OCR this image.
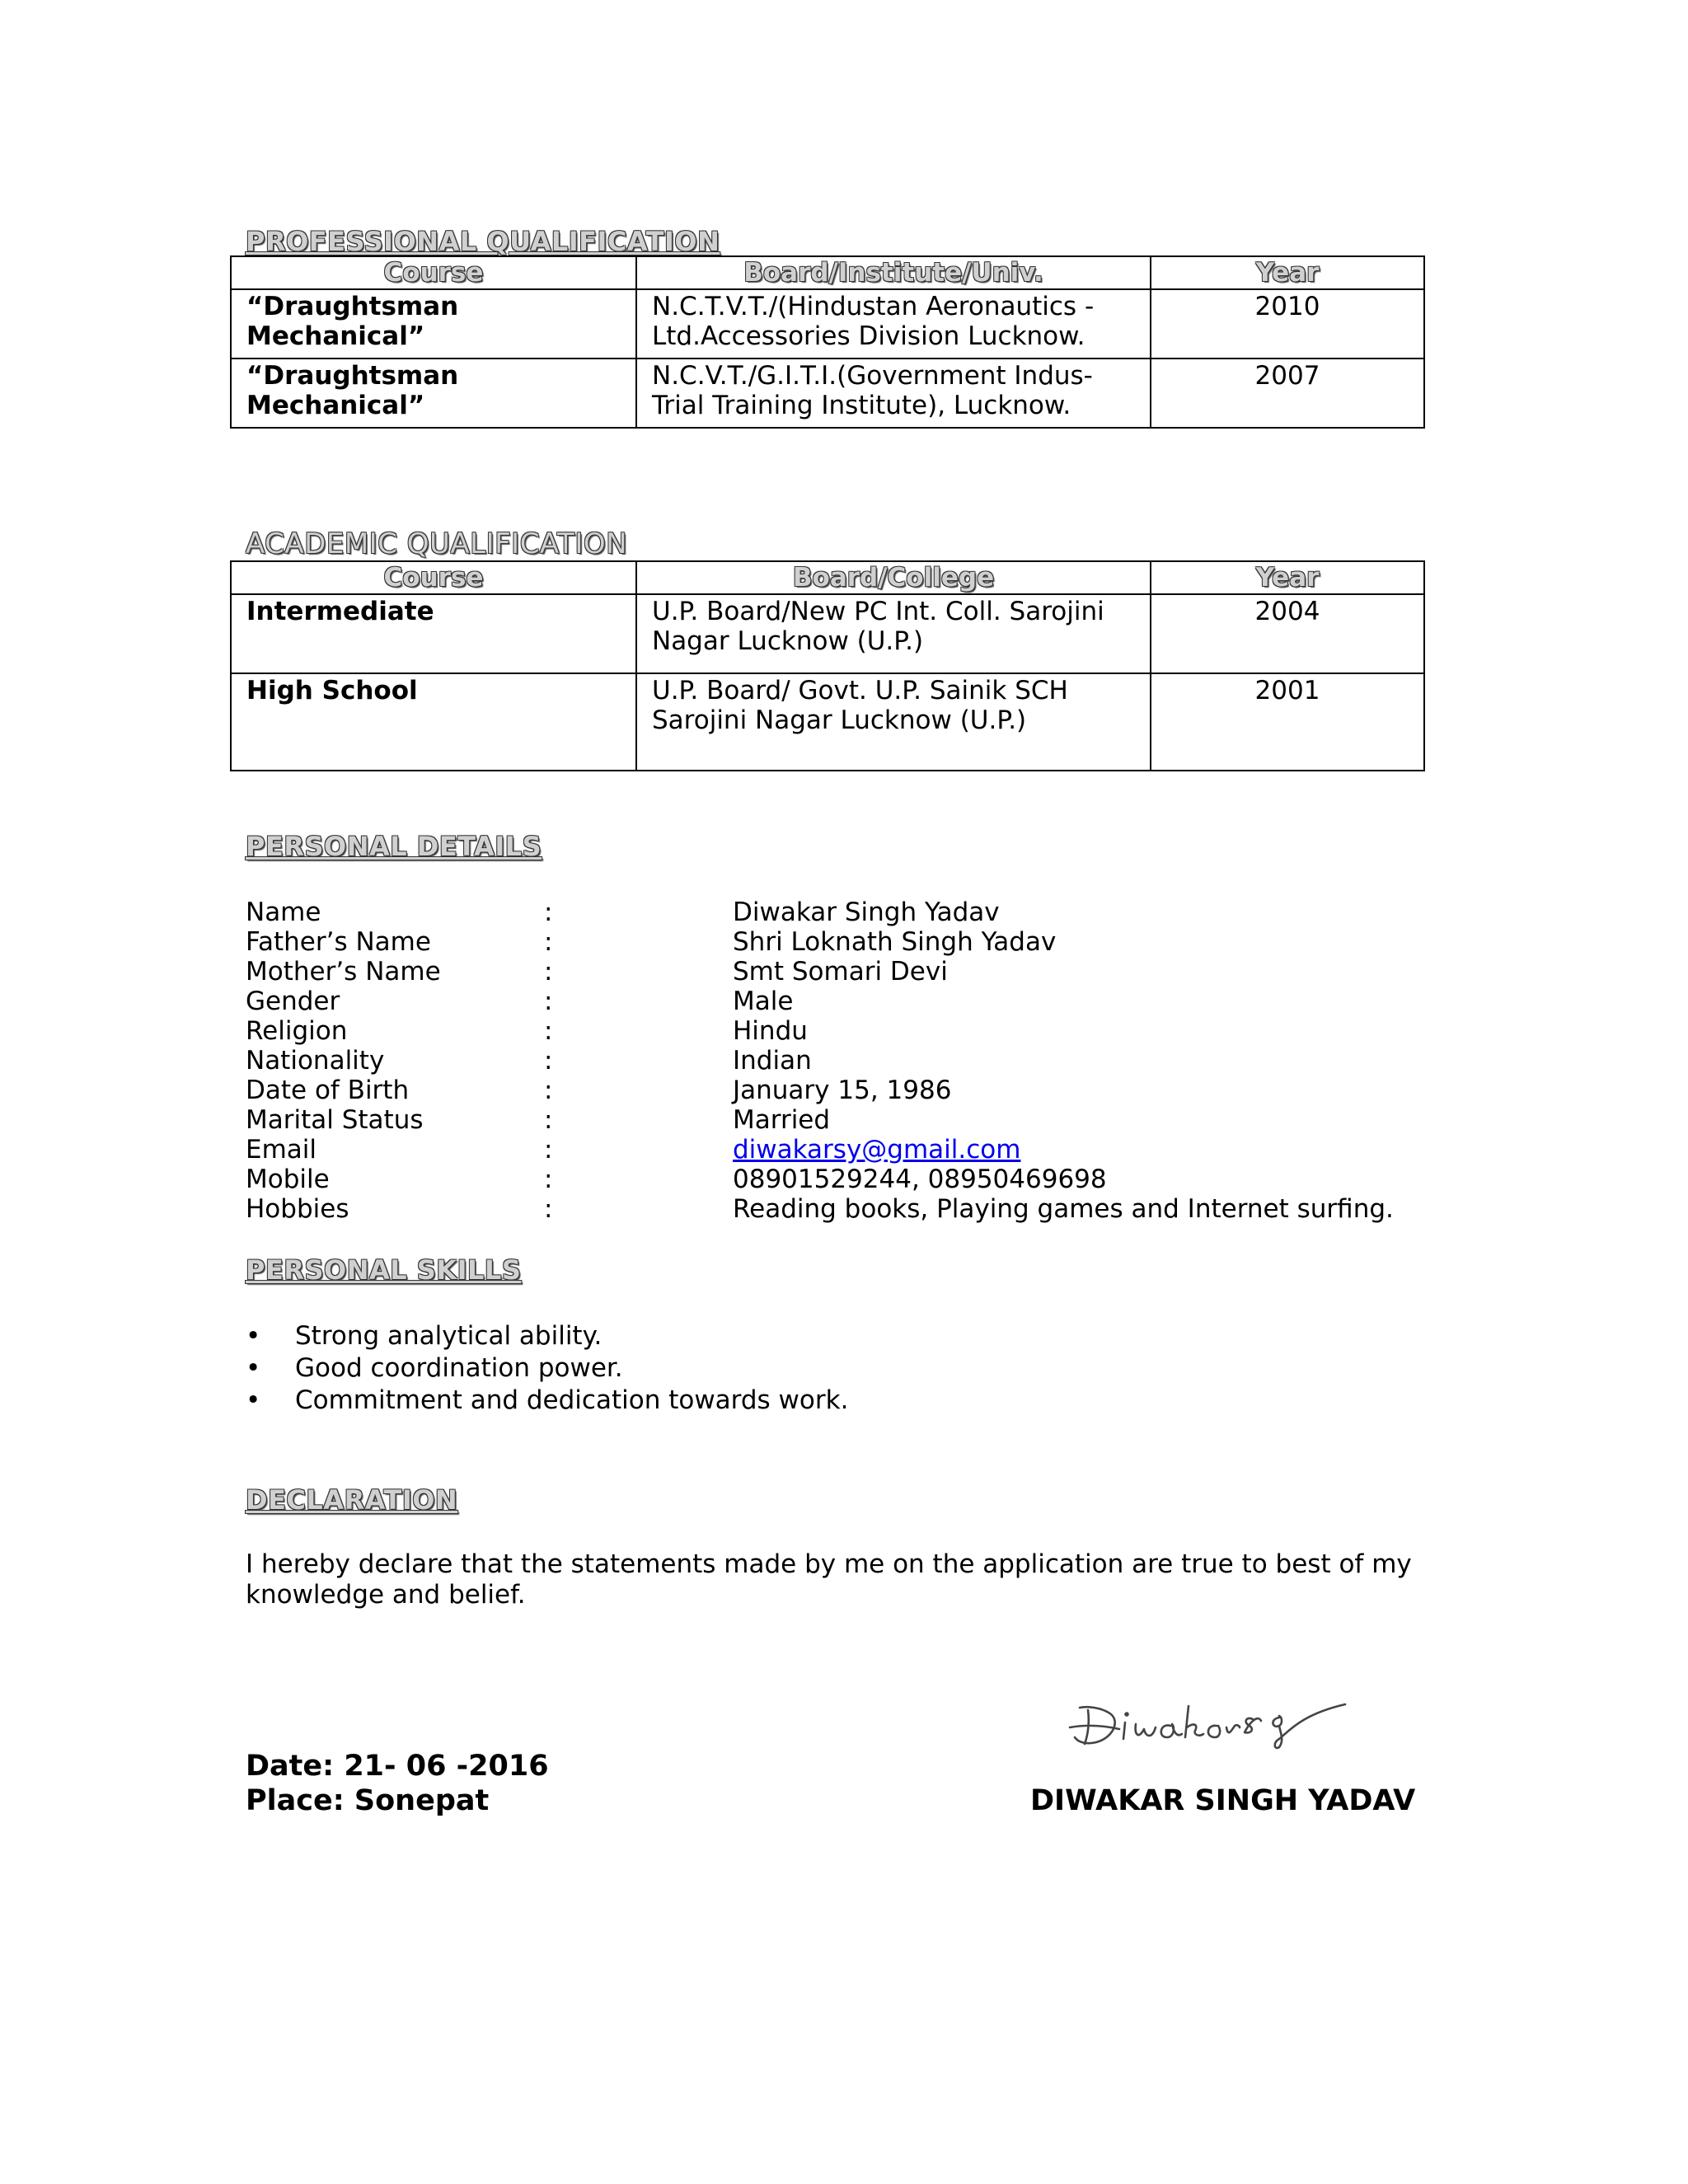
PROFESSIONAL QUALIFICATION
Course	Board/Institute/Univ.	Year
“Draughtsman Mechanical”	N.C.T.V.T./(Hindustan Aeronautics - Ltd.Accessories Division Lucknow.	2010
“Draughtsman Mechanical”	N.C.V.T./G.I.T.I.(Government Indus-Trial Training Institute), Lucknow.	2007
ACADEMIC QUALIFICATION
Course	Board/College	Year
Intermediate	U.P. Board/New PC Int. Coll. Sarojini Nagar Lucknow (U.P.)	2004
High School	U.P. Board/ Govt. U.P. Sainik SCH Sarojini Nagar Lucknow (U.P.)	2001
PERSONAL DETAILS
Name	:	Diwakar Singh Yadav
Father’s Name	:	Shri Loknath Singh Yadav
Mother’s Name	:	Smt Somari Devi
Gender	:	Male
Religion	:	Hindu
Nationality	:	Indian
Date of Birth	:	January 15, 1986
Marital Status	:	Married
Email	:	diwakarsy@gmail.com
Mobile	:	08901529244, 08950469698
Hobbies	:	Reading books, Playing games and Internet surfing.
PERSONAL SKILLS
• Strong analytical ability.
• Good coordination power.
• Commitment and dedication towards work.
DECLARATION
I hereby declare that the statements made by me on the application are true to best of my knowledge and belief.
Date: 21- 06 -2016
Place: Sonepat	DIWAKAR SINGH YADAV
